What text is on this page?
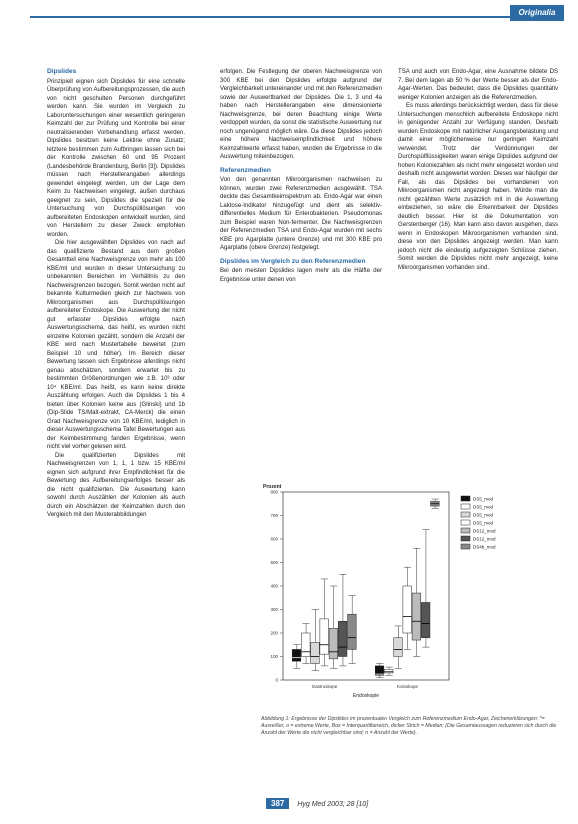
Originalia
Dipslides

Prinzipiell eignen sich Dipslides für eine schnelle Überprüfung von Aufbereitungsprozessen, die auch von nicht geschulten Personen durchgeführt werden kann. Sie wurden im Vergleich zu Laboruntersuchungen einer wesentlich geringeren Keimzahl der zur Prüfung und Kontrolle bei einer neutralisierenden Vorbehandlung erfasst werden. Dipslides besitzen keine Lektine ohne Zusatz; letztere bestimmen zum Aufbringen lassen sich bei der Kontrolle zwischen 60 und 95 Prozent (Landesbehörde Brandenburg, Berlin [3]). Dipslides müssen nach Herstellerangaben allerdings gewendet eingelegt werden, um der Lage dem Keim zu Nachweisen eingelegt, außen durchaus geeignet zu sein, Dipslides die speziell für die Untersuchung von Durchspüllösungen von aufbereiteten Endoskopen entwickelt wurden, sind von Herstellern zu dieser Zweck empfohlen worden.

Die hier ausgewählten Dipslides von nach auf das qualifizierte Bestand aus dem großen Gesamtteil eine Nachweisgrenze von mehr als 100 KBE/ml und wurden in dieser Untersuchung zu unbekannten Bereichen im Verhältnis zu den Nachweisgrenzen bezogen. Somit werden nicht auf bekannte Kulturmedien gleich zur Nachweis von Mikroorganismen aus Durchspüllösungen aufbereiteter Endoskope. Die Auswertung der nicht gut erfasster Dipslides erfolgte nach Auswertungsschema, das heißt, es wurden nicht einzelne Kolonien gezählt, sondern die Anzahl der KBE wird nach Mustertabelle bewertet (zum Beispiel 10 und höher). Im Bereich dieser Bewertung lassen sich Ergebnisse allerdings nicht genau abschätzen, sondern erwartet bis zu bestimmten Größenordnungen wie z.B. 10³ oder 10⁴ KBE/ml. Das heißt, es kann keine direkte Auszählung erfolgen. Auch die Dipslides 1 bis 4 bieten über Kolonien keine aus (Glinski) und 1b (Dip-Slide TS/Malt-extrakt, CA-Merck) die einen Grad Nachweisgrenze von 10 KBE/ml, lediglich in dieser Auswertungsschema Tafel Bewertungen aus der Keimbestimmung fanden Ergebnisse, wenn nicht viel vorher gelesen wird.

Die qualifizierten Dipslides mit Nachweisgrenzen von 1, 1, 1 bzw. 15 KBE/ml eignen sich aufgrund ihrer Empfindlichkeit für die Bewertung des Aufbereitungserfolges besser als die nicht qualifizierten. Die Auswertung kann sowohl durch Auszählen der Kolonien als auch durch ein Abschätzen der Keimzahlen durch den Vergleich mit den Musterabbildungen

erfolgen. Die Festlegung der oberen Nachweisgrenze von 300 KBE bei den Dipslides erfolgte aufgrund der Vergleichbarkeit untereinander und mit den Referenzmedien sowie der Auswertbarkeit der Dipslides. Die 1, 3 und 4a haben nach Herstellerangaben eine dimensionierte Nachweisgrenze, bei deren Beachtung einige Werte verdoppelt wurden, da sonst die statistische Auswertung nur noch ungenügend möglich wäre. Da diese Dipslides jedoch eine höhere Nachweisempfindlichkeit und höhere Keimzahlwerte erfasst haben, wurden die Ergebnisse in die Auswertung miteinbezogen.

Referenzmedien

Von den genannten Mikroorganismen nachweisen zu können, wurden zwei Referenzmedien ausgewählt. TSA deckte das Gesamtkeimspektrum ab. Endo-Agar war einen Laktose-Indikator hinzugefügt und dient als selektiv-differentielles Medium für Enterobakterien. Pseudomonas zum Beispiel waren Non-fermenter. Die Nachweisgrenzen der Referenzmedien TSA und Endo-Agar wurden mit sechs KBE pro Agarplatte (untere Grenze) und mit 300 KBE pro Agarplatte (obere Grenze) festgelegt.

Dipslides im Vergleich zu den Referenzmedien

Bei den meisten Dipslides lagen mehr als die Hälfte der Ergebnisse unter denen von

TSA und auch von Endo-Agar, eine Ausnahme bildete DS 7. Bei dem lagen ab 50 % der Werte besser als der Endo-Agar-Werten. Das bedeutet, dass die Dipslides quantitativ weniger Kolonien anzeigen als die Referenzmedien.

Es muss allerdings berücksichtigt werden, dass für diese Untersuchungen menschlich aufbereitete Endoskope nicht in genügender Anzahl zur Verfügung standen. Deshalb wurden Endoskope mit natürlicher Ausgangsbelastung und damit einer möglicherweise nur geringen Keimzahl verwendet. Trotz der Verdünnungen der Durchspülflüssigkeiten waren einige Dipslides aufgrund der hohen Koloniezahlen als nicht mehr eingesetzt worden und deshalb nicht ausgewertet worden. Dieses war häufiger der Fall, als das Dipslides bei vorhandenen von Mikroorganismen nicht angezeigt haben. Würde man die nicht gezählten Werte zusätzlich mit in die Auswertung einbeziehen, so wäre die Erkennbarkeit der Dipslides deutlich besser. Hier ist die Dokumentation von Gerstenberger (16). Man kann also davon ausgehen, dass wenn in Endoskopen Mikroorganismen vorhanden sind, diese von den Dipslides angezeigt werden. Man kann jedoch nicht die eindeutig aufgezeigten Schlüsse ziehen. Somit werden die Dipslides nicht mehr angezeigt, keine Mikroorganismen vorhanden sind.

Prozent
0
100
200
300
400
500
600
700
800
Gastroskope	Koloskope
Endoskopie
DS5_mod
DS5_mod
DS5_mod
DS5_mod
DS12_mod
DS12_mod
DS4b_mod
Abbildung 1: Ergebnisse der Dipslides im prozentualen Vergleich zum Referenzmedium Endo-Agar, Zeichenerklärungen: *= Ausreißer, o = extreme Werte, Box = Interquartilbereich, dicker Strich = Median; (Die Gesamtaussagen reduzieren sich durch die Anzahl der Werte die nicht vergleichbar sind; n = Anzahl der Werte).
387 Hyg Med 2003; 28 [10]
